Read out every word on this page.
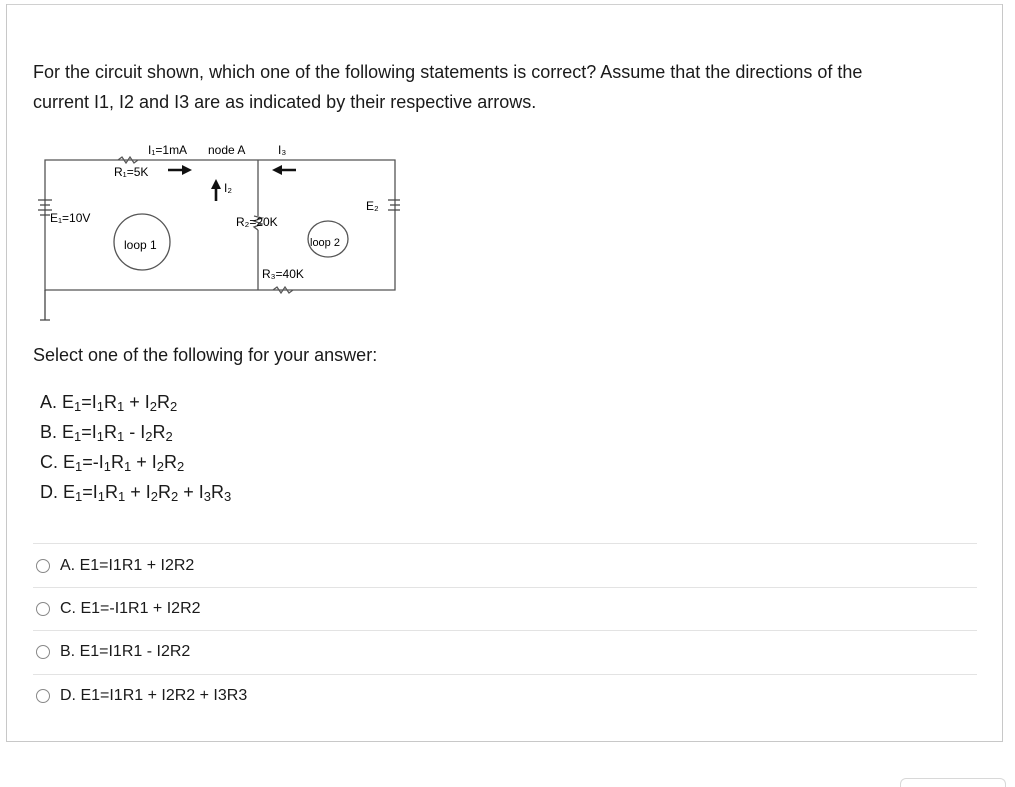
For the circuit shown, which one of the following statements is correct? Assume that the directions of the
current I1, I2 and I3 are as indicated by their respective arrows.
I₁=1mA node A	I₃
R₁=5K
I₂
E₁=10V	R₂=20K
E₂
loop 1	loop 2
R₃=40K
Select one of the following for your answer:
A. $E_1=I_1R_1 + I_2R_2$
B. $E_1=I_1R_1 - I_2R_2$
C. $E_1=-I_1R_1 + I_2R_2$
D. $E_1=I_1R_1 + I_2R_2 + I_3R_3$
A. E1=I1R1 + I2R2
C. E1=-I1R1 + I2R2
B. E1=I1R1 - I2R2
D. E1=I1R1 + I2R2 + I3R3
